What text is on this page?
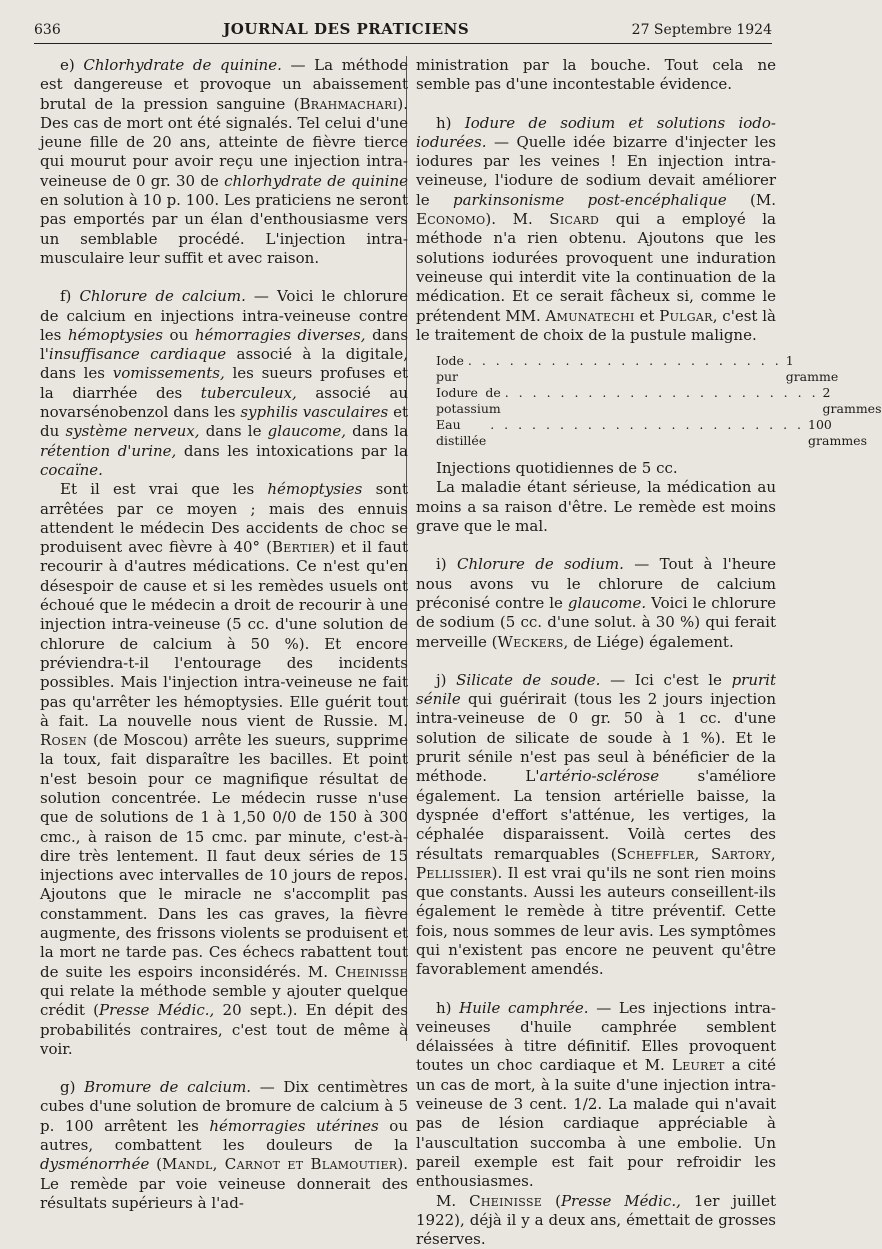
636	JOURNAL DES PRATICIENS	27 Septembre 1924

e) Chlorhydrate de quinine. — La méthode est dangereuse et provoque un abaissement brutal de la pression sanguine (Brahmachari). Des cas de mort ont été signalés. Tel celui d'une jeune fille de 20 ans, atteinte de fièvre tierce qui mourut pour avoir reçu une injection intra-veineuse de 0 gr. 30 de chlorhydrate de quinine en solution à 10 p. 100. Les praticiens ne seront pas emportés par un élan d'enthousiasme vers un semblable procédé. L'injection intra-musculaire leur suffit et avec raison.

f) Chlorure de calcium. — Voici le chlorure de calcium en injections intra-veineuse contre les hémoptysies ou hémorragies diverses, dans l'insuffisance cardiaque associé à la digitale, dans les vomissements, les sueurs profuses et la diarrhée des tuberculeux, associé au novarsénobenzol dans les syphilis vasculaires et du système nerveux, dans le glaucome, dans la rétention d'urine, dans les intoxications par la cocaïne.

Et il est vrai que les hémoptysies sont arrêtées par ce moyen ; mais des ennuis attendent le médecin Des accidents de choc se produisent avec fièvre à 40° (Bertier) et il faut recourir à d'autres médications. Ce n'est qu'en désespoir de cause et si les remèdes usuels ont échoué que le médecin a droit de recourir à une injection intra-veineuse (5 cc. d'une solution de chlorure de calcium à 50 %). Et encore préviendra-t-il l'entourage des incidents possibles. Mais l'injection intra-veineuse ne fait pas qu'arrêter les hémoptysies. Elle guérit tout à fait. La nouvelle nous vient de Russie. M. Rosen (de Moscou) arrête les sueurs, supprime la toux, fait disparaître les bacilles. Et point n'est besoin pour ce magnifique résultat de solution concentrée. Le médecin russe n'use que de solutions de 1 à 1,50 0/0 de 150 à 300 cmc., à raison de 15 cmc. par minute, c'est-à-dire très lentement. Il faut deux séries de 15 injections avec intervalles de 10 jours de repos. Ajoutons que le miracle ne s'accomplit pas constamment. Dans les cas graves, la fièvre augmente, des frissons violents se produisent et la mort ne tarde pas. Ces échecs rabattent tout de suite les espoirs inconsidérés. M. Cheinisse qui relate la méthode semble y ajouter quelque crédit (Presse Médic., 20 sept.). En dépit des probabilités contraires, c'est tout de même à voir.

g) Bromure de calcium. — Dix centimètres cubes d'une solution de bromure de calcium à 5 p. 100 arrêtent les hémorragies utérines ou autres, combattent les douleurs de la dysménorrhée (Mandl, Carnot et Blamoutier). Le remède par voie veineuse donnerait des résultats supérieurs à l'ad-

ministration par la bouche. Tout cela ne semble pas d'une incontestable évidence.

h) Iodure de sodium et solutions iodo-iodurées. — Quelle idée bizarre d'injecter les iodures par les veines ! En injection intra-veineuse, l'iodure de sodium devait améliorer le parkinsonisme post-encéphalique (M. Economo). M. Sicard qui a employé la méthode n'a rien obtenu. Ajoutons que les solutions iodurées provoquent une induration veineuse qui interdit vite la continuation de la médication. Et ce serait fâcheux si, comme le prétendent MM. Amunatechi et Pulgar, c'est là le traitement de choix de la pustule maligne.

Iode pur
. . . . . . . . . . . . . . . . . . . . . . . 1 gramme
Iodure de potassium
. . . . . . . . . . . . . . . . . . . . . . . 2 grammes
Eau distillée
. . . . . . . . . . . . . . . . . . . . . . . 100 grammes

Injections quotidiennes de 5 cc.

La maladie étant sérieuse, la médication au moins a sa raison d'être. Le remède est moins grave que le mal.

i) Chlorure de sodium. — Tout à l'heure nous avons vu le chlorure de calcium préconisé contre le glaucome. Voici le chlorure de sodium (5 cc. d'une solut. à 30 %) qui ferait merveille (Weckers, de Liége) également.

j) Silicate de soude. — Ici c'est le prurit sénile qui guérirait (tous les 2 jours injection intra-veineuse de 0 gr. 50 à 1 cc. d'une solution de silicate de soude à 1 %). Et le prurit sénile n'est pas seul à bénéficier de la méthode. L'artério-sclérose s'améliore également. La tension artérielle baisse, la dyspnée d'effort s'atténue, les vertiges, la céphalée disparaissent. Voilà certes des résultats remarquables (Scheffler, Sartory, Pellissier). Il est vrai qu'ils ne sont rien moins que constants. Aussi les auteurs conseillent-ils également le remède à titre préventif. Cette fois, nous sommes de leur avis. Les symptômes qui n'existent pas encore ne peuvent qu'être favorablement amendés.

h) Huile camphrée. — Les injections intra-veineuses d'huile camphrée semblent délaissées à titre définitif. Elles provoquent toutes un choc cardiaque et M. Leuret a cité un cas de mort, à la suite d'une injection intra-veineuse de 3 cent. 1/2. La malade qui n'avait pas de lésion cardiaque appréciable à l'auscultation succomba à une embolie. Un pareil exemple est fait pour refroidir les enthousiasmes.

M. Cheinisse (Presse Médic., 1er juillet 1922), déjà il y a deux ans, émettait de grosses réserves.
